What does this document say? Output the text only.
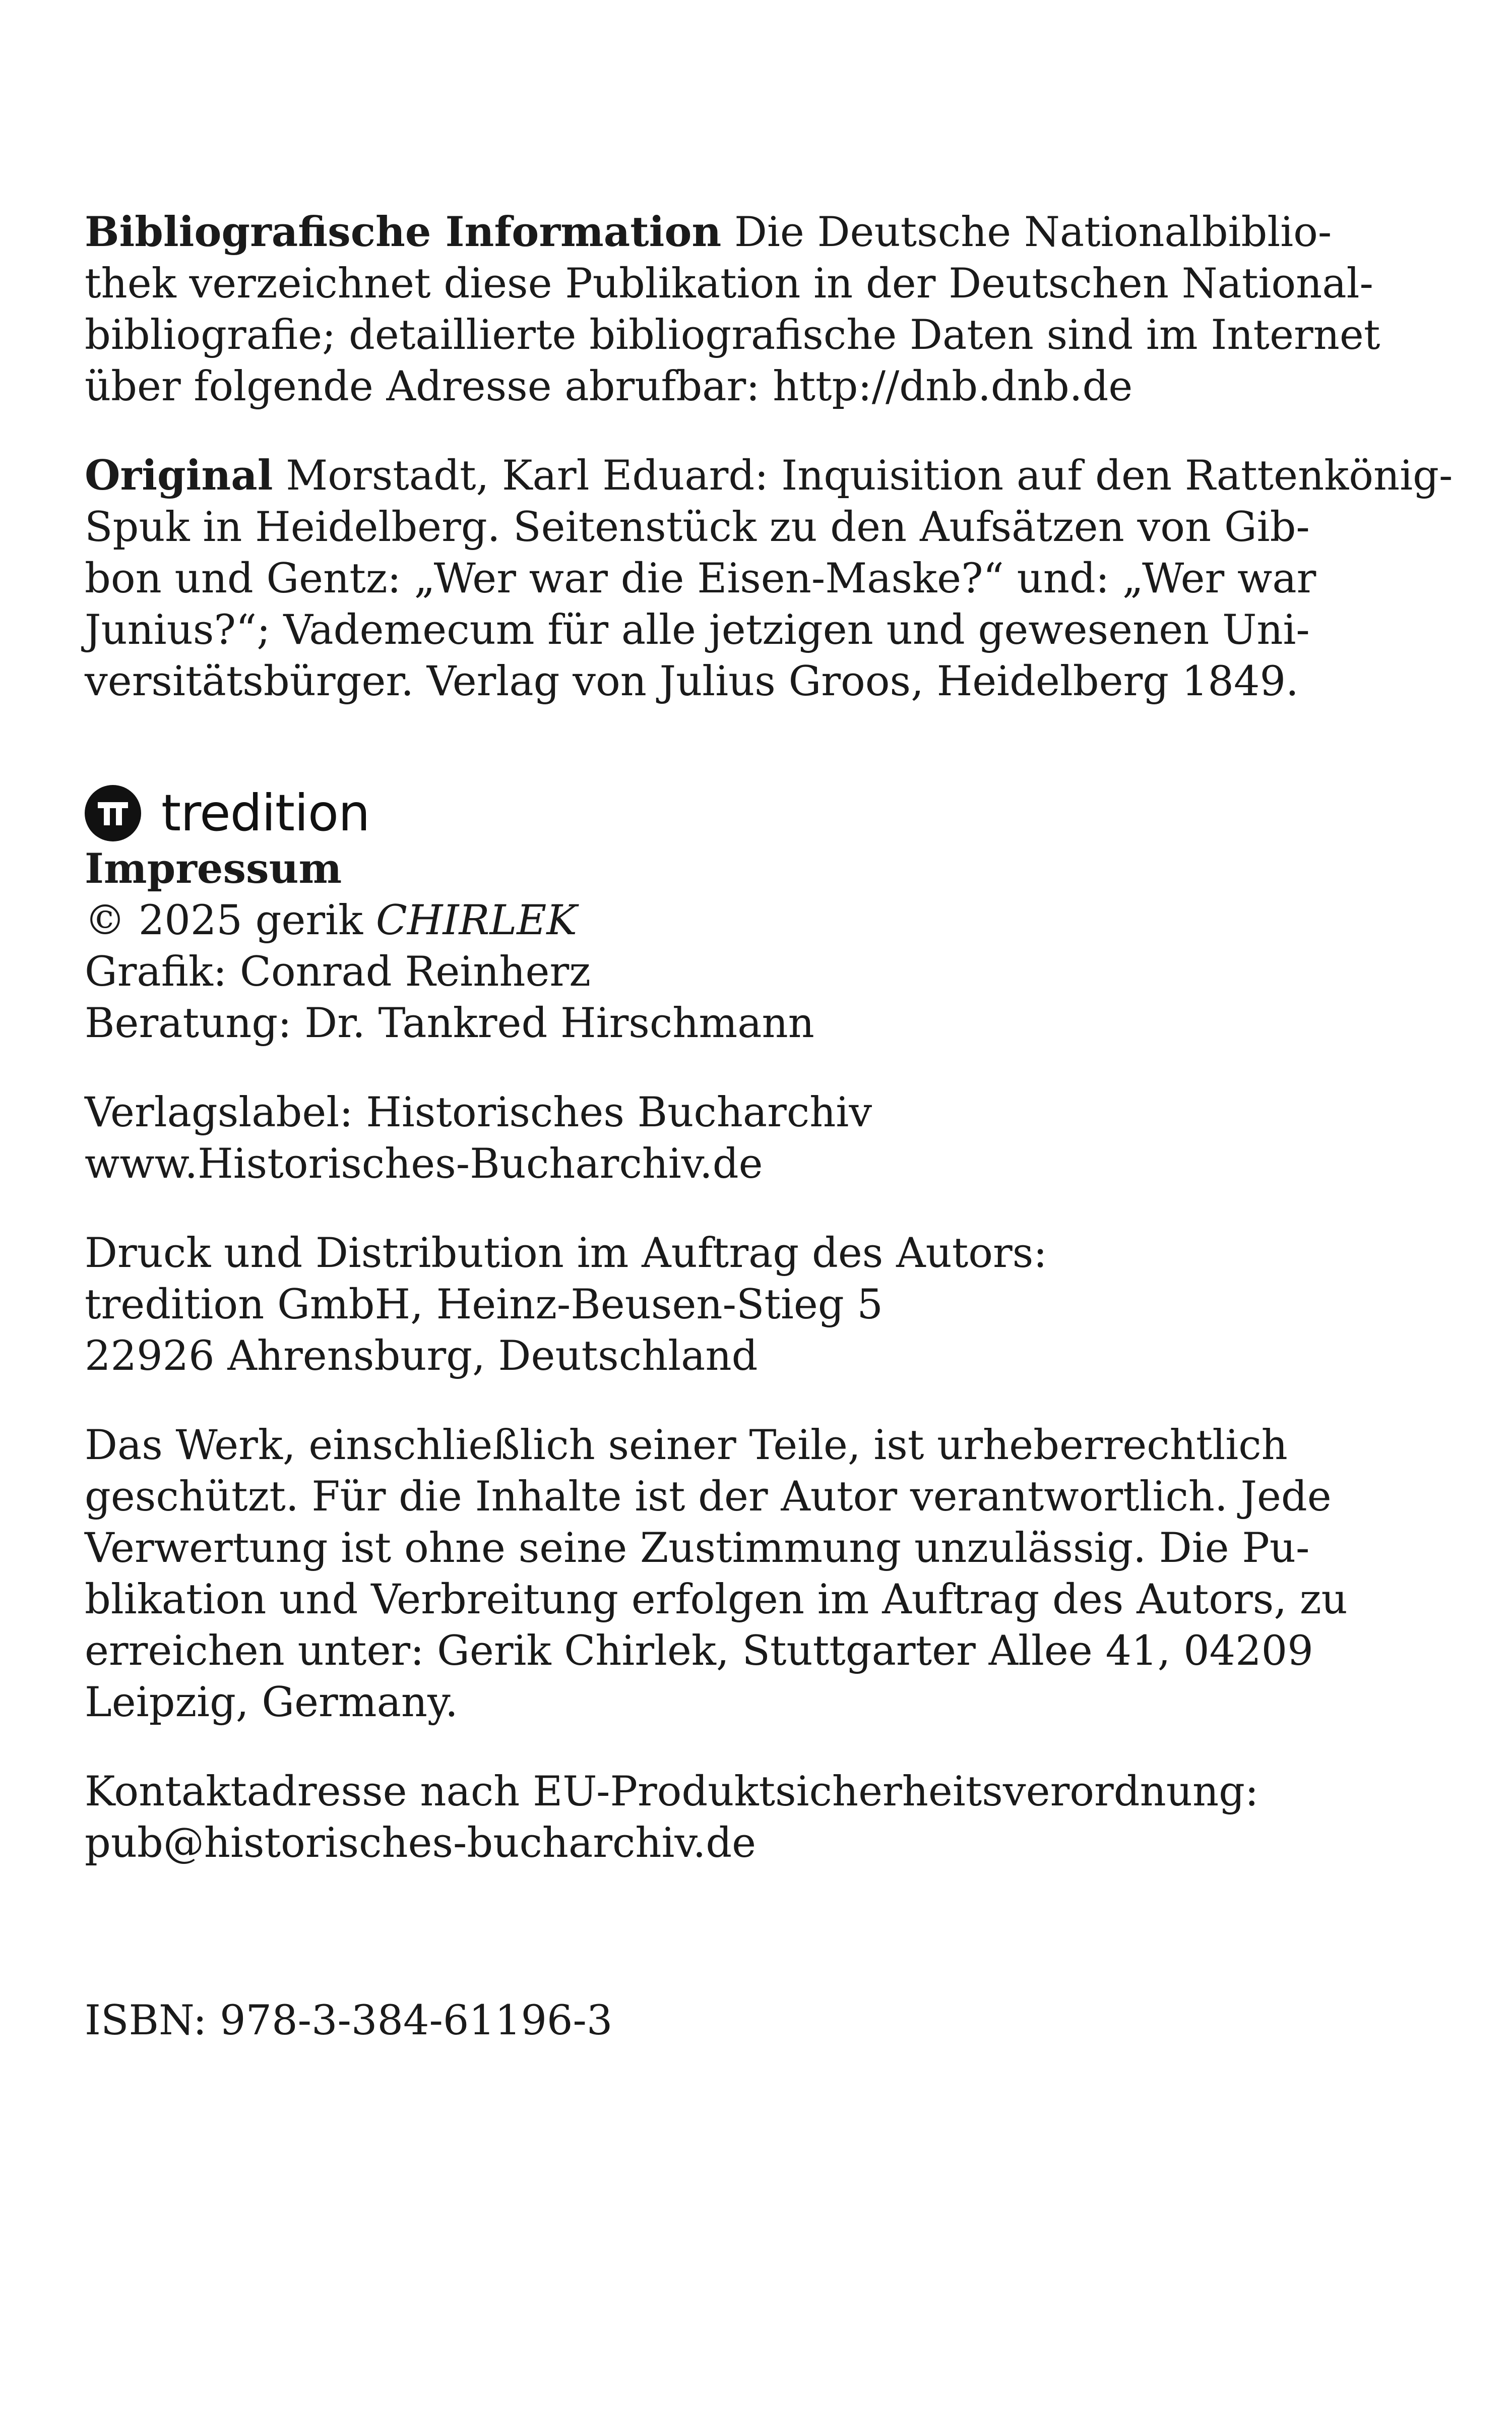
Bibliografische Information Die Deutsche Nationalbiblio-
thek verzeichnet diese Publikation in der Deutschen National-
bibliografie; detaillierte bibliografische Daten sind im Internet
über folgende Adresse abrufbar: http://dnb.dnb.de

Original Morstadt, Karl Eduard: Inquisition auf den Rattenkönig-
Spuk in Heidelberg. Seitenstück zu den Aufsätzen von Gib-
bon und Gentz: „Wer war die Eisen-Maske?“ und: „Wer war
Junius?“; Vademecum für alle jetzigen und gewesenen Uni-
versitätsbürger. Verlag von Julius Groos, Heidelberg 1849.

tredition

Impressum
© 2025 gerik CHIRLEK
Grafik: Conrad Reinherz
Beratung: Dr. Tankred Hirschmann

Verlagslabel: Historisches Bucharchiv
www.Historisches-Bucharchiv.de

Druck und Distribution im Auftrag des Autors:
tredition GmbH, Heinz-Beusen-Stieg 5
22926 Ahrensburg, Deutschland

Das Werk, einschließlich seiner Teile, ist urheberrechtlich
geschützt. Für die Inhalte ist der Autor verantwortlich. Jede
Verwertung ist ohne seine Zustimmung unzulässig. Die Pu-
blikation und Verbreitung erfolgen im Auftrag des Autors, zu
erreichen unter: Gerik Chirlek, Stuttgarter Allee 41, 04209
Leipzig, Germany.

Kontaktadresse nach EU-Produktsicherheitsverordnung:
pub@historisches-bucharchiv.de

ISBN: 978-3-384-61196-3
